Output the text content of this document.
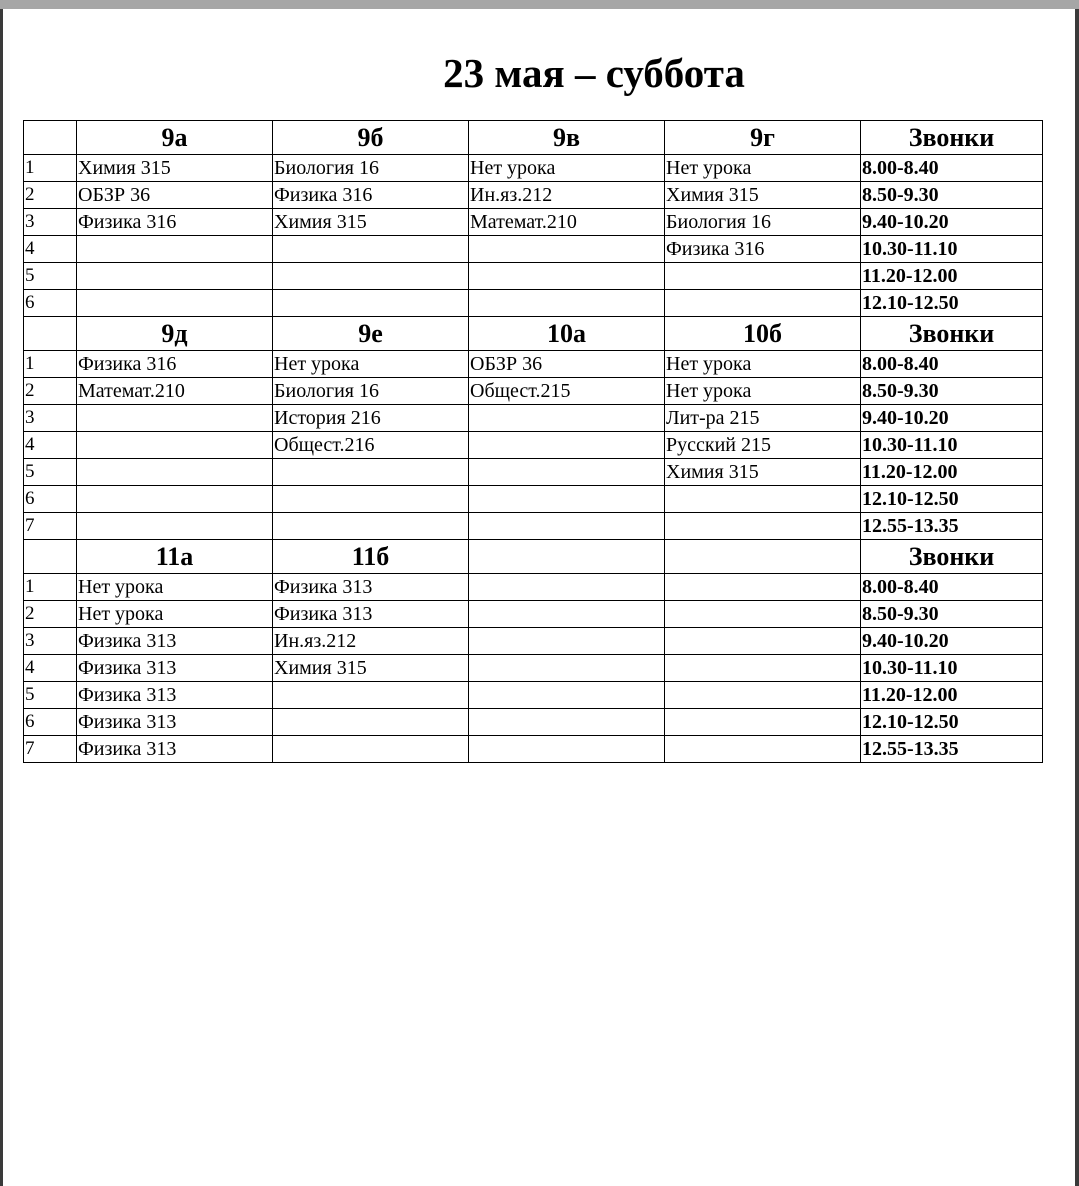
23 мая – суббота
	9а	9б	9в	9г	Звонки
1	Химия 315	Биология 16	Нет урока	Нет урока	8.00-8.40
2	ОБЗР 36	Физика 316	Ин.яз.212	Химия 315	8.50-9.30
3	Физика 316	Химия 315	Математ.210	Биология 16	9.40-10.20
4				Физика 316	10.30-11.10
5					11.20-12.00
6					12.10-12.50
	9д	9е	10а	10б	Звонки
1	Физика 316	Нет урока	ОБЗР 36	Нет урока	8.00-8.40
2	Математ.210	Биология 16	Общест.215	Нет урока	8.50-9.30
3		История 216		Лит-ра 215	9.40-10.20
4		Общест.216		Русский 215	10.30-11.10
5				Химия 315	11.20-12.00
6					12.10-12.50
7					12.55-13.35
	11а	11б			Звонки
1	Нет урока	Физика 313			8.00-8.40
2	Нет урока	Физика 313			8.50-9.30
3	Физика 313	Ин.яз.212			9.40-10.20
4	Физика 313	Химия 315			10.30-11.10
5	Физика 313				11.20-12.00
6	Физика 313				12.10-12.50
7	Физика 313				12.55-13.35
